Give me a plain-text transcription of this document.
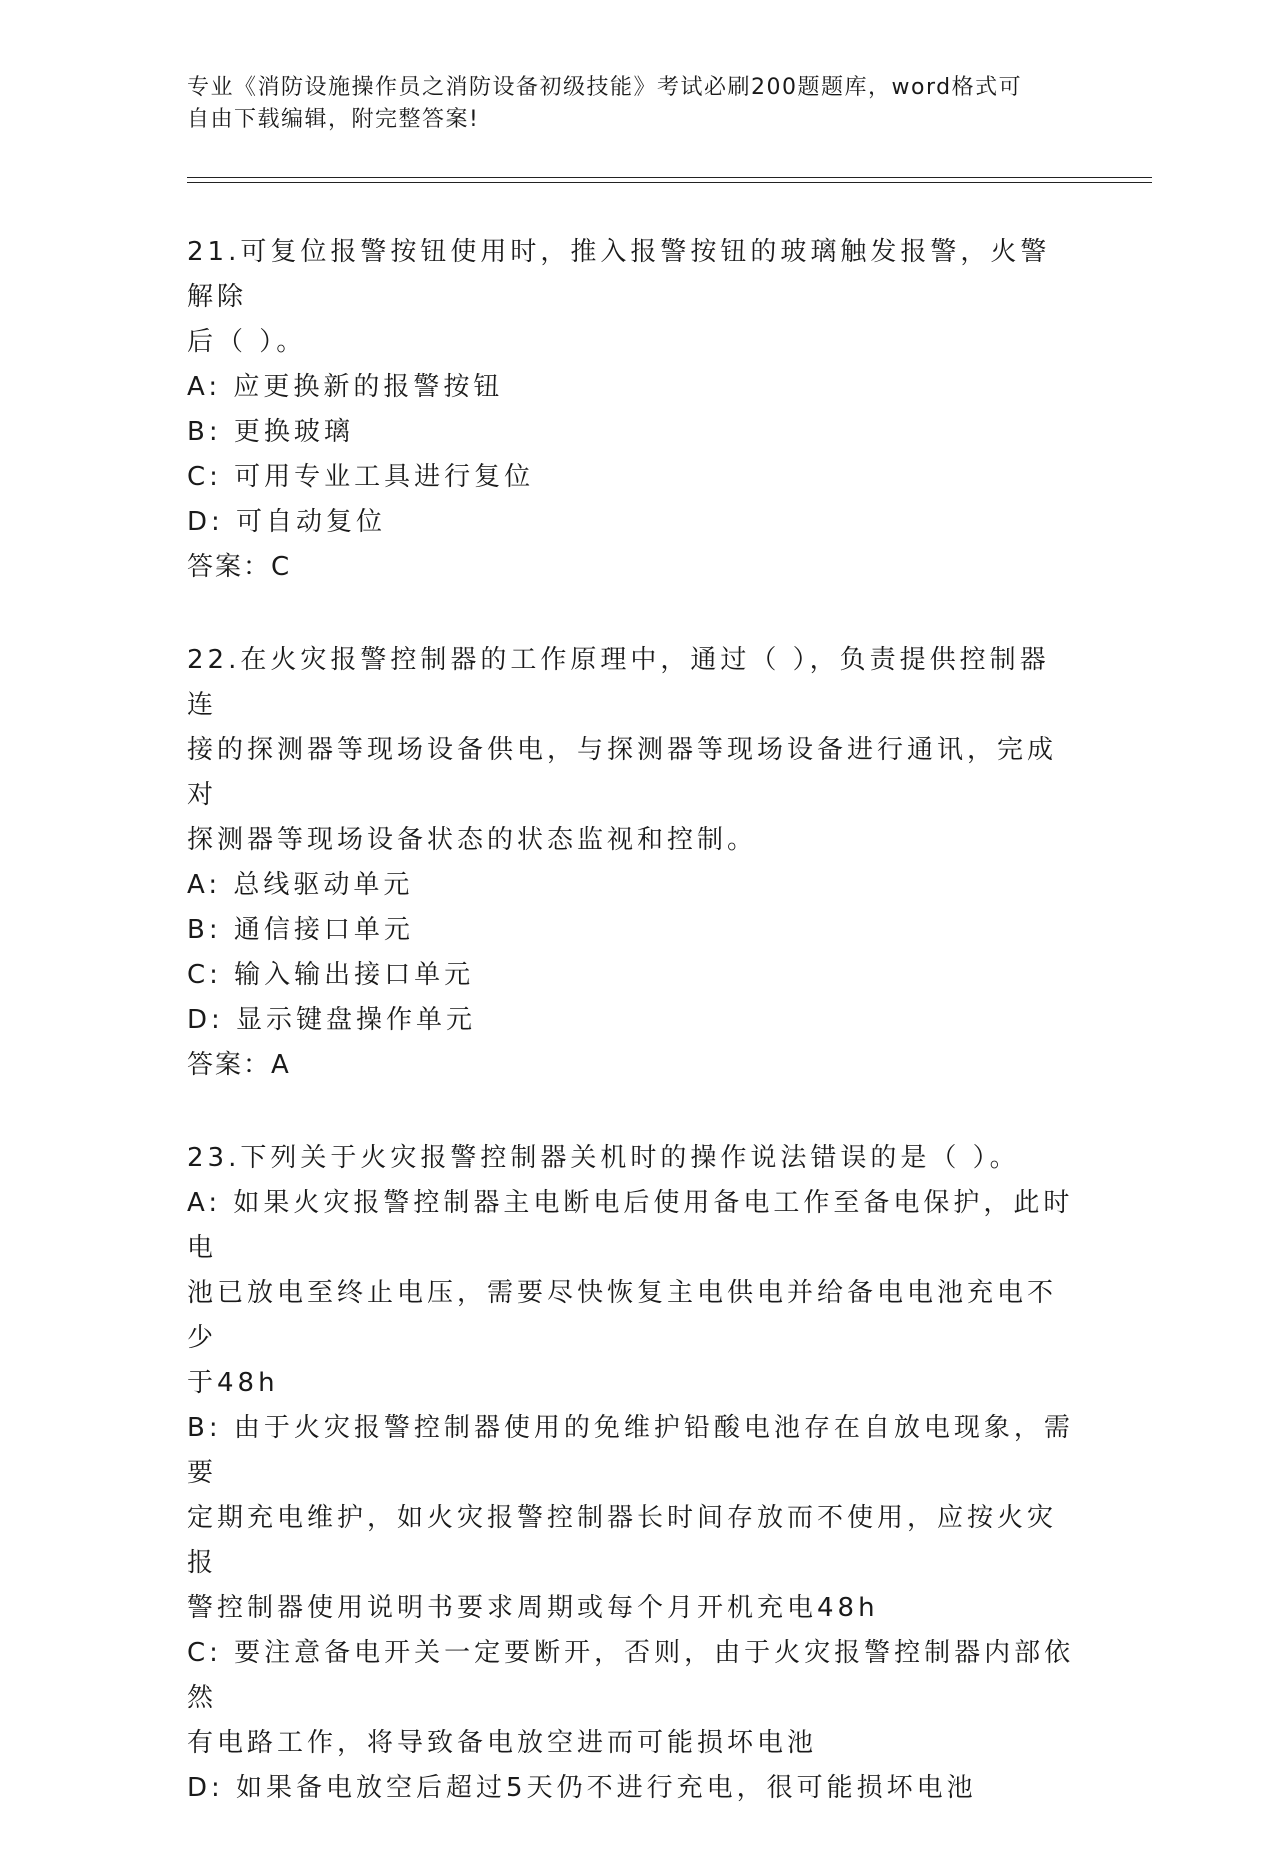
专业《消防设施操作员之消防设备初级技能》考试必刷200题题库，word格式可
自由下载编辑，附完整答案!

21.可复位报警按钮使用时，推入报警按钮的玻璃触发报警，火警解除
后（ ）。

A: 应更换新的报警按钮

B: 更换玻璃

C: 可用专业工具进行复位

D: 可自动复位

答案：C

22.在火灾报警控制器的工作原理中，通过（ ），负责提供控制器连
接的探测器等现场设备供电，与探测器等现场设备进行通讯，完成对
探测器等现场设备状态的状态监视和控制。

A: 总线驱动单元

B: 通信接口单元

C: 输入输出接口单元

D: 显示键盘操作单元

答案：A

23.下列关于火灾报警控制器关机时的操作说法错误的是（ ）。

A: 如果火灾报警控制器主电断电后使用备电工作至备电保护，此时电
池已放电至终止电压，需要尽快恢复主电供电并给备电电池充电不少
于48h

B: 由于火灾报警控制器使用的免维护铅酸电池存在自放电现象，需要
定期充电维护，如火灾报警控制器长时间存放而不使用，应按火灾报
警控制器使用说明书要求周期或每个月开机充电48h

C: 要注意备电开关一定要断开，否则，由于火灾报警控制器内部依然
有电路工作，将导致备电放空进而可能损坏电池

D: 如果备电放空后超过5天仍不进行充电，很可能损坏电池
